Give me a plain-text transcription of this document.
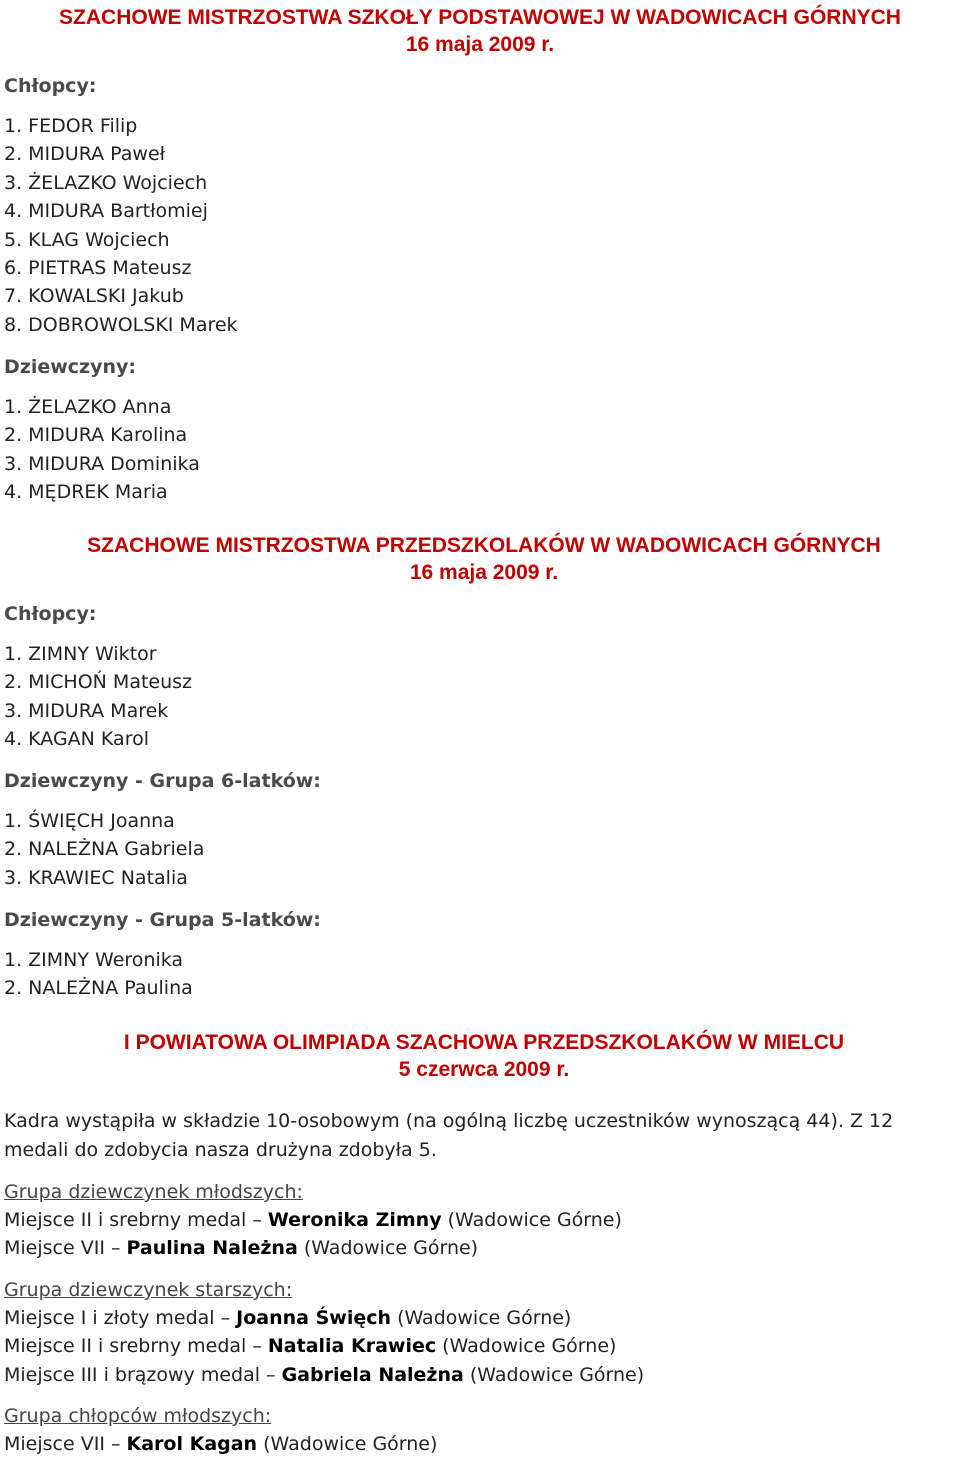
SZACHOWE MISTRZOSTWA SZKOŁY PODSTAWOWEJ W WADOWICACH GÓRNYCH
16 maja 2009 r.
Chłopcy:
1. FEDOR Filip
2. MIDURA Paweł
3. ŻELAZKO Wojciech
4. MIDURA Bartłomiej
5. KLAG Wojciech
6. PIETRAS Mateusz
7. KOWALSKI Jakub
8. DOBROWOLSKI Marek
Dziewczyny:
1. ŻELAZKO Anna
2. MIDURA Karolina
3. MIDURA Dominika
4. MĘDREK Maria
SZACHOWE MISTRZOSTWA PRZEDSZKOLAKÓW W WADOWICACH GÓRNYCH
16 maja 2009 r.
Chłopcy:
1. ZIMNY Wiktor
2. MICHOŃ Mateusz
3. MIDURA Marek
4. KAGAN Karol
Dziewczyny - Grupa 6-latków:
1. ŚWIĘCH Joanna
2. NALEŻNA Gabriela
3. KRAWIEC Natalia
Dziewczyny - Grupa 5-latków:
1. ZIMNY Weronika
2. NALEŻNA Paulina
I POWIATOWA OLIMPIADA SZACHOWA PRZEDSZKOLAKÓW W MIELCU
5 czerwca 2009 r.
Kadra wystąpiła w składzie 10-osobowym (na ogólną liczbę uczestników wynoszącą 44). Z 12 medali do zdobycia nasza drużyna zdobyła 5.
Grupa dziewczynek młodszych:
Miejsce II i srebrny medal – Weronika Zimny (Wadowice Górne)
Miejsce VII – Paulina Należna (Wadowice Górne)
Grupa dziewczynek starszych:
Miejsce I i złoty medal – Joanna Święch (Wadowice Górne)
Miejsce II i srebrny medal – Natalia Krawiec (Wadowice Górne)
Miejsce III i brązowy medal – Gabriela Należna (Wadowice Górne)
Grupa chłopców młodszych:
Miejsce VII – Karol Kagan (Wadowice Górne)
